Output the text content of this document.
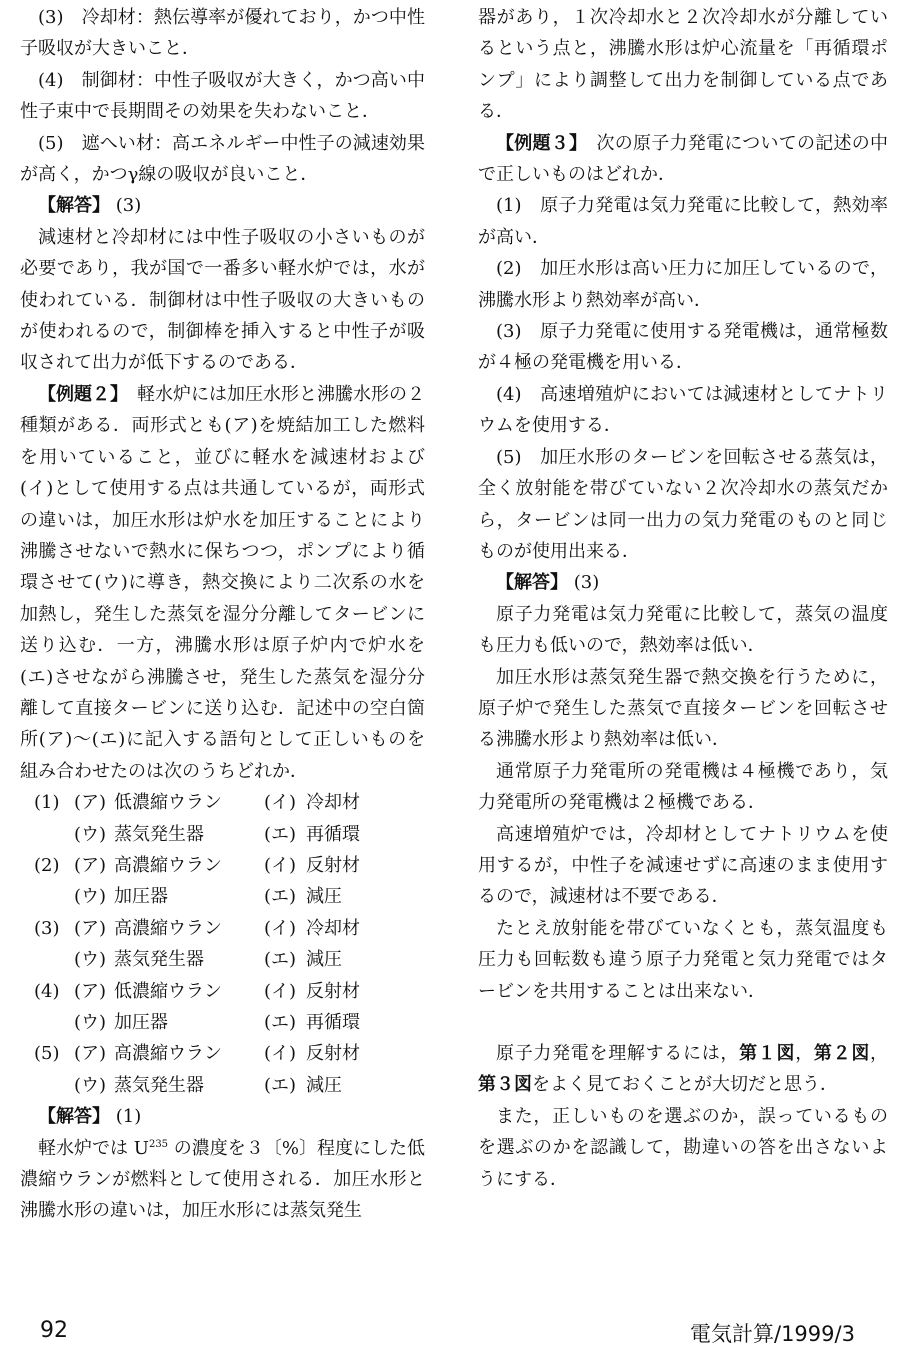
(3)　冷却材：熱伝導率が優れており，かつ中性子吸収が大きいこと．

(4)　制御材：中性子吸収が大きく，かつ高い中性子束中で長期間その効果を失わないこと．

(5)　遮へい材：高エネルギー中性子の減速効果が高く，かつγ線の吸収が良いこと．

【解答】 (3)

減速材と冷却材には中性子吸収の小さいものが必要であり，我が国で一番多い軽水炉では，水が使われている．制御材は中性子吸収の大きいものが使われるので，制御棒を挿入すると中性子が吸収されて出力が低下するのである．

【例題２】　 軽水炉には加圧水形と沸騰水形の２種類がある．両形式とも(ア)を焼結加工した燃料を用いていること，並びに軽水を減速材および(イ)として使用する点は共通しているが，両形式の違いは，加圧水形は炉水を加圧することにより沸騰させないで熱水に保ちつつ，ポンプにより循環させて(ウ)に導き，熱交換により二次系の水を加熱し，発生した蒸気を湿分分離してタービンに送り込む．一方，沸騰水形は原子炉内で炉水を(エ)させながら沸騰させ，発生した蒸気を湿分分離して直接タービンに送り込む．記述中の空白箇所(ア)～(エ)に記入する語句として正しいものを組み合わせたのは次のうちどれか．

(1)	(ア)	低濃縮ウラン	(イ)	冷却材
	(ウ)	蒸気発生器	(エ)	再循環
(2)	(ア)	高濃縮ウラン	(イ)	反射材
	(ウ)	加圧器	(エ)	減圧
(3)	(ア)	高濃縮ウラン	(イ)	冷却材
	(ウ)	蒸気発生器	(エ)	減圧
(4)	(ア)	低濃縮ウラン	(イ)	反射材
	(ウ)	加圧器	(エ)	再循環
(5)	(ア)	高濃縮ウラン	(イ)	反射材
	(ウ)	蒸気発生器	(エ)	減圧

【解答】 (1)

軽水炉では $U^{235}$ の濃度を３〔%〕程度にした低濃縮ウランが燃料として使用される．加圧水形と沸騰水形の違いは，加圧水形には蒸気発生

器があり，１次冷却水と２次冷却水が分離しているという点と，沸騰水形は炉心流量を「再循環ポンプ」により調整して出力を制御している点である．

【例題３】　 次の原子力発電についての記述の中で正しいものはどれか．

(1)　原子力発電は気力発電に比較して，熱効率が高い．

(2)　加圧水形は高い圧力に加圧しているので，沸騰水形より熱効率が高い．

(3)　原子力発電に使用する発電機は，通常極数が４極の発電機を用いる．

(4)　高速増殖炉においては減速材としてナトリウムを使用する．

(5)　加圧水形のタービンを回転させる蒸気は，全く放射能を帯びていない２次冷却水の蒸気だから，タービンは同一出力の気力発電のものと同じものが使用出来る．

【解答】 (3)

原子力発電は気力発電に比較して，蒸気の温度も圧力も低いので，熱効率は低い．

加圧水形は蒸気発生器で熱交換を行うために，原子炉で発生した蒸気で直接タービンを回転させる沸騰水形より熱効率は低い．

通常原子力発電所の発電機は４極機であり，気力発電所の発電機は２極機である．

高速増殖炉では，冷却材としてナトリウムを使用するが，中性子を減速せずに高速のまま使用するので，減速材は不要である．

たとえ放射能を帯びていなくとも，蒸気温度も圧力も回転数も違う原子力発電と気力発電ではタービンを共用することは出来ない．

原子力発電を理解するには，第１図，第２図，第３図をよく見ておくことが大切だと思う．

また，正しいものを選ぶのか，誤っているものを選ぶのかを認識して，勘違いの答を出さないようにする．

92	電気計算/1999/3
